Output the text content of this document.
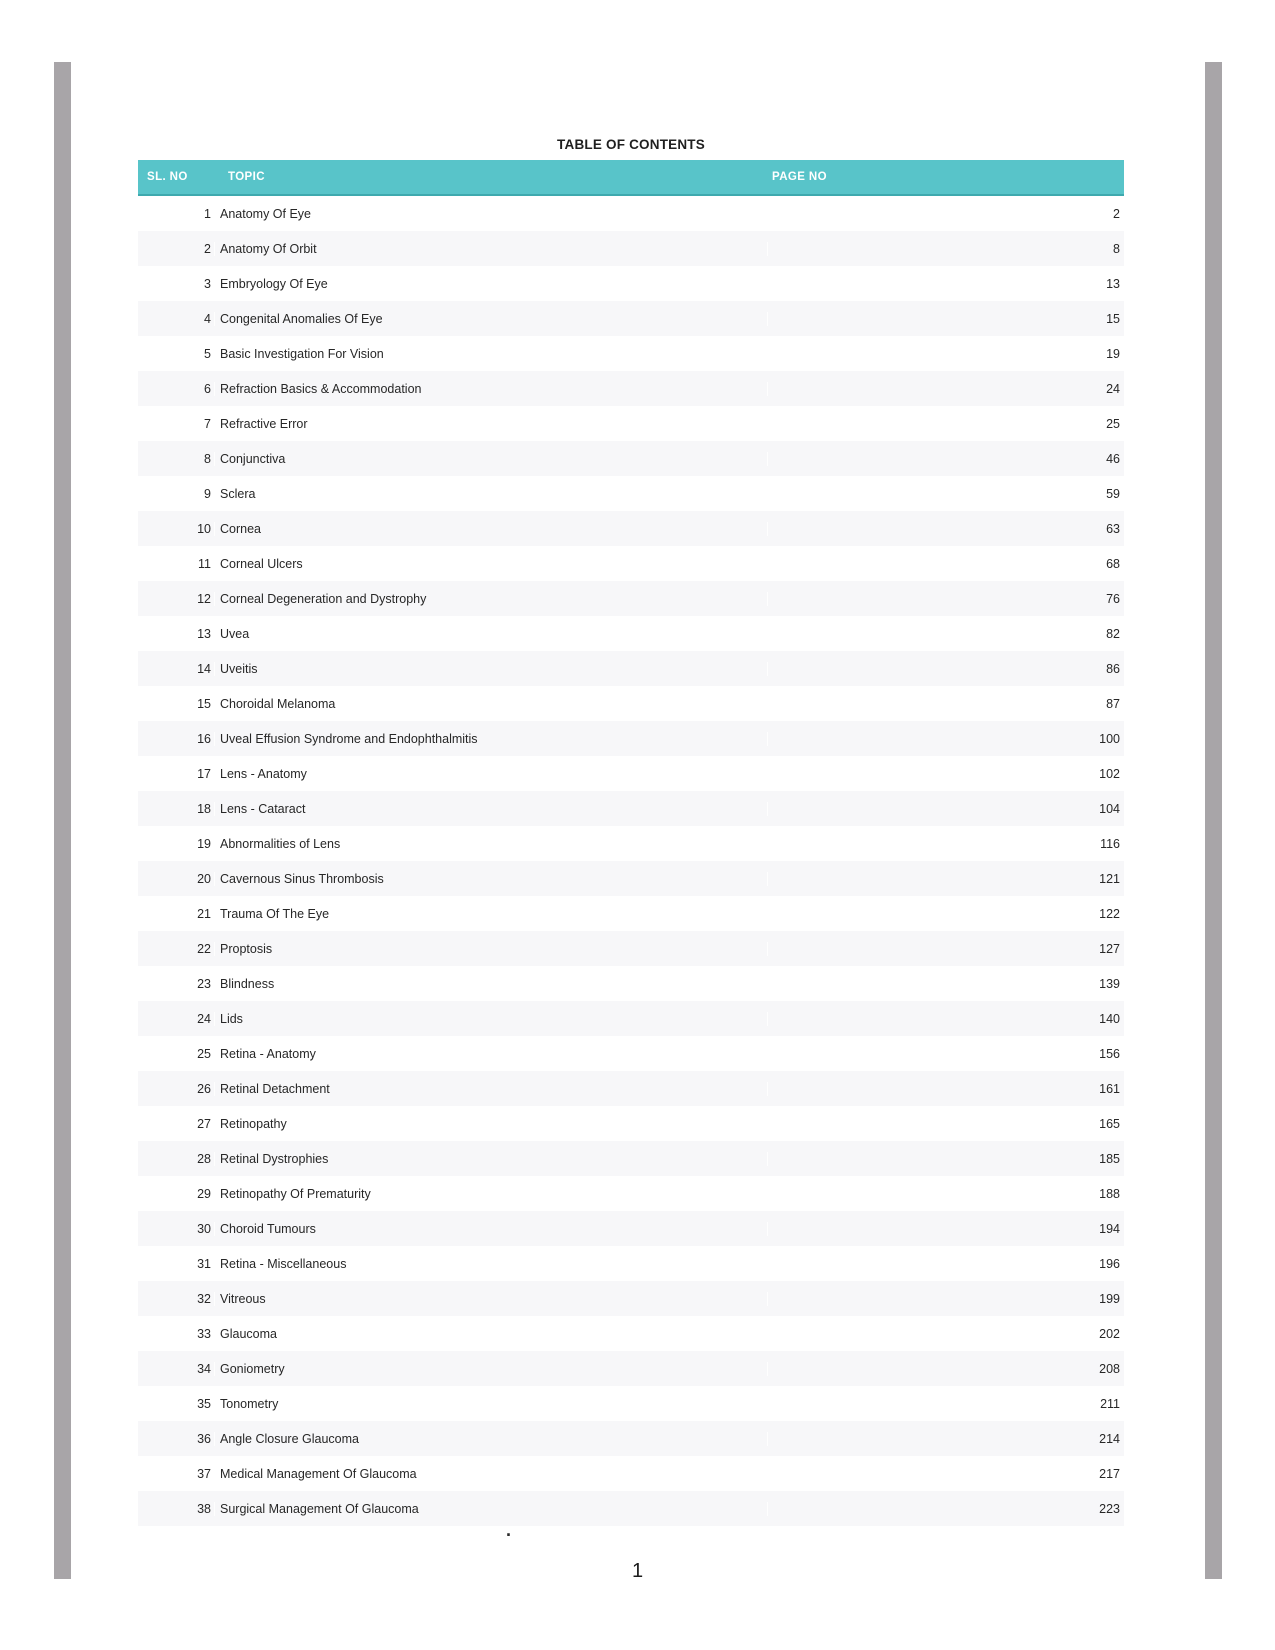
TABLE OF CONTENTS
SL. NO	TOPIC	PAGE NO
1 Anatomy Of Eye	2
2 Anatomy Of Orbit	8
3 Embryology Of Eye	13
4 Congenital Anomalies Of Eye	15
5 Basic Investigation For Vision	19
6 Refraction Basics & Accommodation	24
7 Refractive Error	25
8 Conjunctiva	46
9 Sclera	59
10 Cornea	63
11 Corneal Ulcers	68
12 Corneal Degeneration and Dystrophy	76
13 Uvea	82
14 Uveitis	86
15 Choroidal Melanoma	87
16 Uveal Effusion Syndrome and Endophthalmitis	100
17 Lens - Anatomy	102
18 Lens - Cataract	104
19 Abnormalities of Lens	116
20 Cavernous Sinus Thrombosis	121
21 Trauma Of The Eye	122
22 Proptosis	127
23 Blindness	139
24 Lids	140
25 Retina - Anatomy	156
26 Retinal Detachment	161
27 Retinopathy	165
28 Retinal Dystrophies	185
29 Retinopathy Of Prematurity	188
30 Choroid Tumours	194
31 Retina - Miscellaneous	196
32 Vitreous	199
33 Glaucoma	202
34 Goniometry	208
35 Tonometry	211
36 Angle Closure Glaucoma	214
37 Medical Management Of Glaucoma	217
38 Surgical Management Of Glaucoma	223
.
1
